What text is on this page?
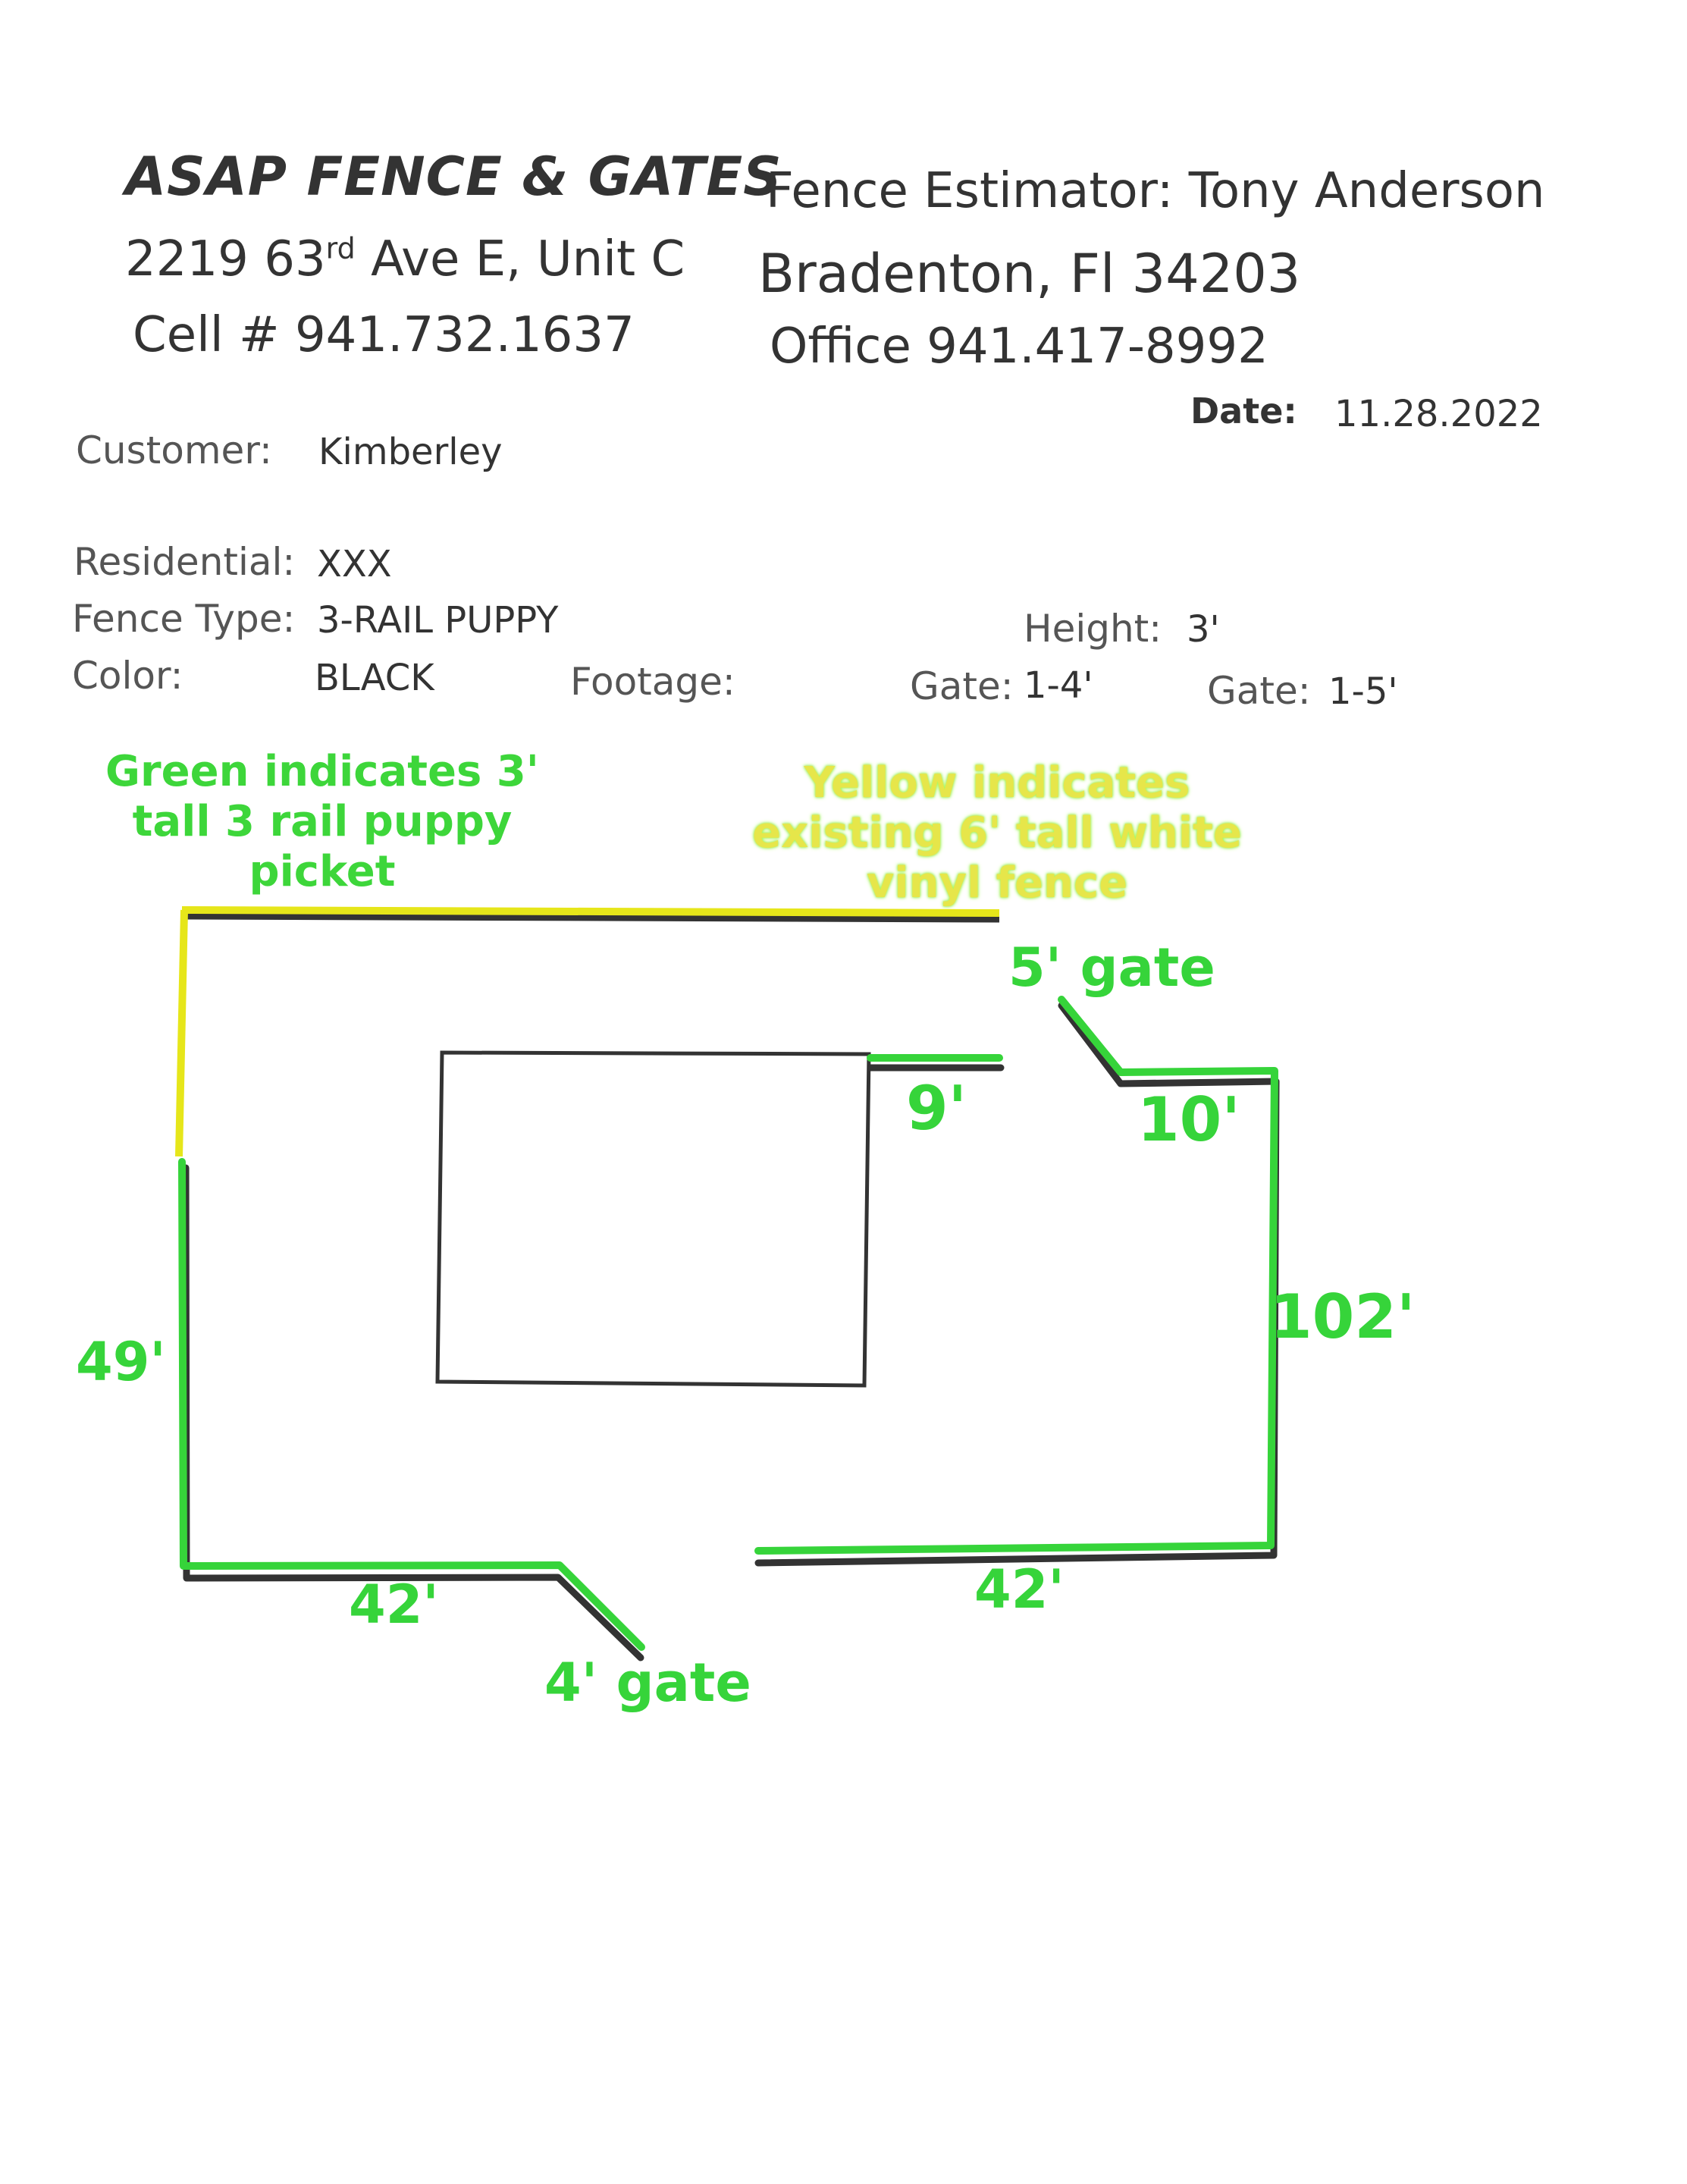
ASAP FENCE & GATES
2219 63rd Ave E, Unit C
Cell # 941.732.1637
Fence Estimator: Tony Anderson
Bradenton, Fl 34203
Office 941.417-8992
Date: 11.28.2022
Customer: Kimberley
Residential: XXX
Fence Type: 3-RAIL PUPPY
Color:	BLACK	Footage:
Height: 3'
Gate: 1-4'	Gate: 1-5'
Green indicates 3' tall 3 rail puppy picket
Yellow indicates existing 6' tall white vinyl fence
49'
42'
4' gate
42'
102'
10'
9'
5' gate
